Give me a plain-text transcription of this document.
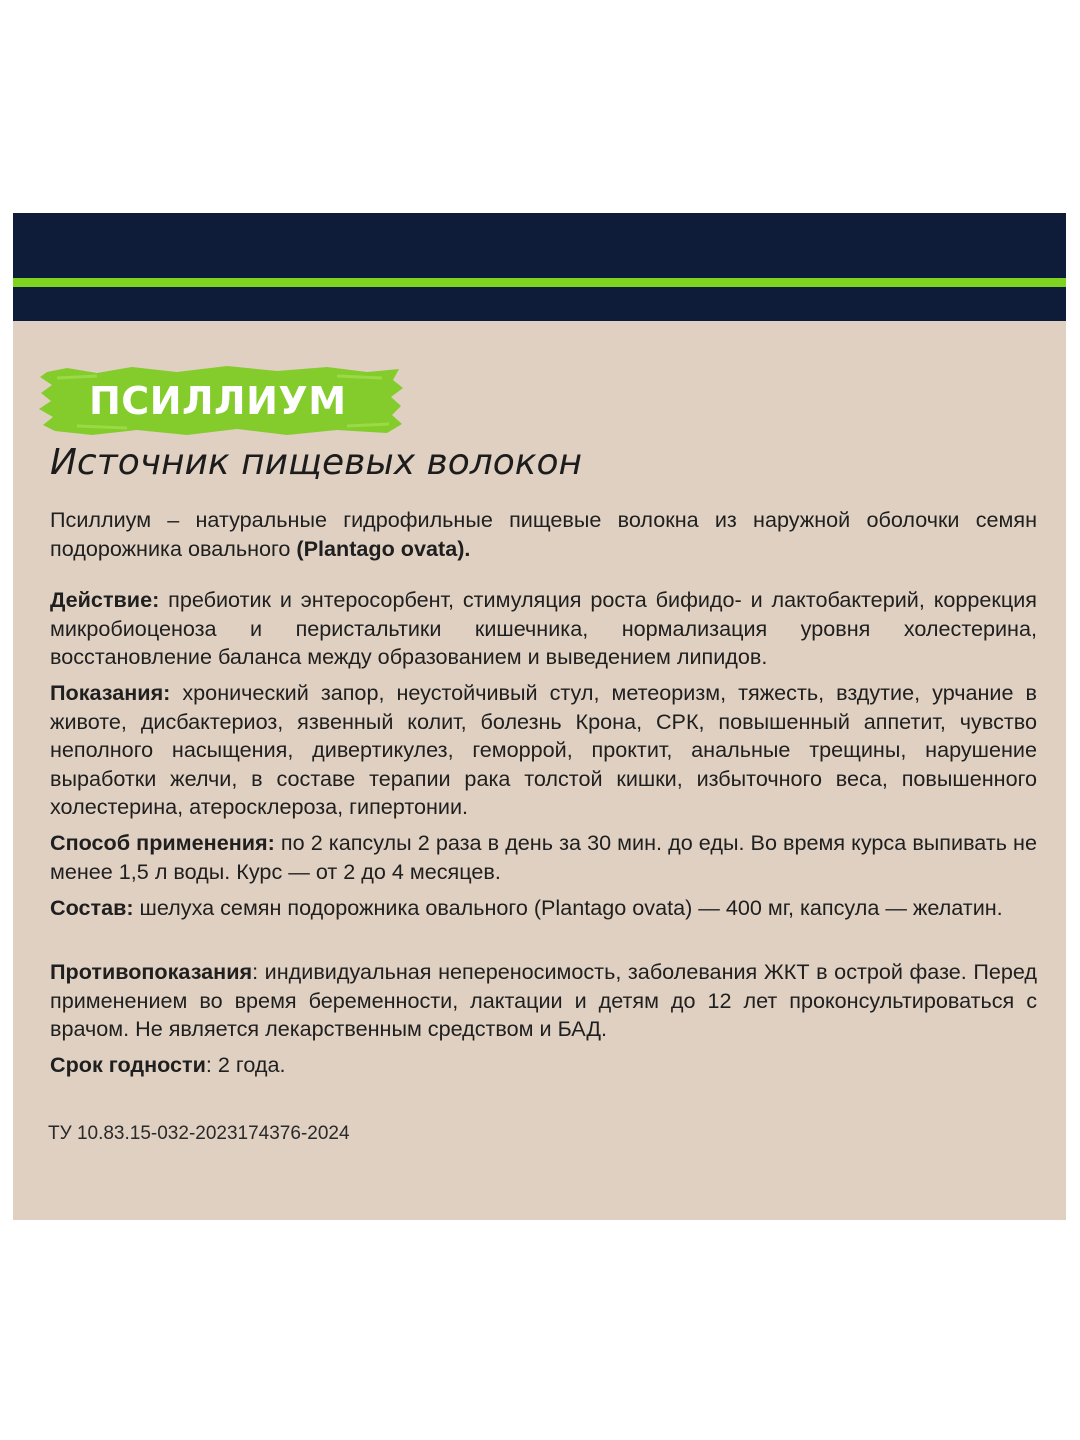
ПСИЛЛИУМ
Источник пищевых волокон
Псиллиум – натуральные гидрофильные пищевые волокна из наружной оболочки семян подорожника овального (Plantago ovata).
Действие: пребиотик и энтеросорбент, стимуляция роста бифидо- и лактобактерий, коррекция микробиоценоза и перистальтики кишечника, нормализация уровня холестерина, восстановление баланса между образованием и выведением липидов.
Показания: хронический запор, неустойчивый стул, метеоризм, тяжесть, вздутие, урчание в животе, дисбактериоз, язвенный колит, болезнь Крона, СРК, повышенный аппетит, чувство неполного насыщения, дивертикулез, геморрой, проктит, анальные трещины, нарушение выработки желчи, в составе терапии рака толстой кишки, избыточного веса, повышенного холестерина, атеросклероза, гипертонии.
Способ применения: по 2 капсулы 2 раза в день за 30 мин. до еды. Во время курса выпивать не менее 1,5 л воды. Курс — от 2 до 4 месяцев.
Состав: шелуха семян подорожника овального (Plantago ovata) — 400 мг, капсула — желатин.
Противопоказания: индивидуальная непереносимость, заболевания ЖКТ в острой фазе. Перед применением во время беременности, лактации и детям до 12 лет проконсультироваться с врачом. Не является лекарственным средством и БАД.
Срок годности: 2 года.
ТУ 10.83.15-032-2023174376-2024
